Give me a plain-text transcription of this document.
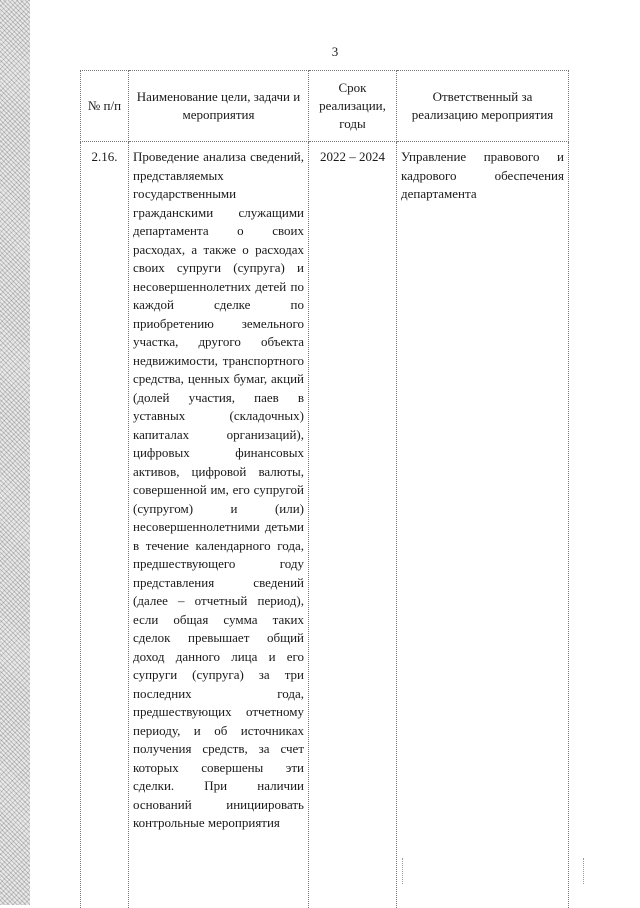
3
№ п/п	Наименование цели, задачи и мероприятия	Срок реализации, годы	Ответственный за реализацию мероприятия
2.16.	Проведение анализа сведений, представляемых государственными гражданскими служащими департамента о своих расходах, а также о расходах своих супруги (супруга) и несовершеннолетних детей по каждой сделке по приобретению земельного участка, другого объекта недвижимости, транспортного средства, ценных бумаг, акций (долей участия, паев в уставных (складочных) капиталах организаций), цифровых финансовых активов, цифровой валюты, совершенной им, его супругой (супругом) и (или) несовершеннолетними детьми в течение календарного года, предшествующего году представления сведений (далее – отчетный период), если общая сумма таких сделок превышает общий доход данного лица и его супруги (супруга) за три последних года, предшествующих отчетному периоду, и об источниках получения средств, за счет которых совершены эти сделки. При наличии оснований инициировать контрольные мероприятия	2022 – 2024	Управление правового и кадрового обеспечения департамента
